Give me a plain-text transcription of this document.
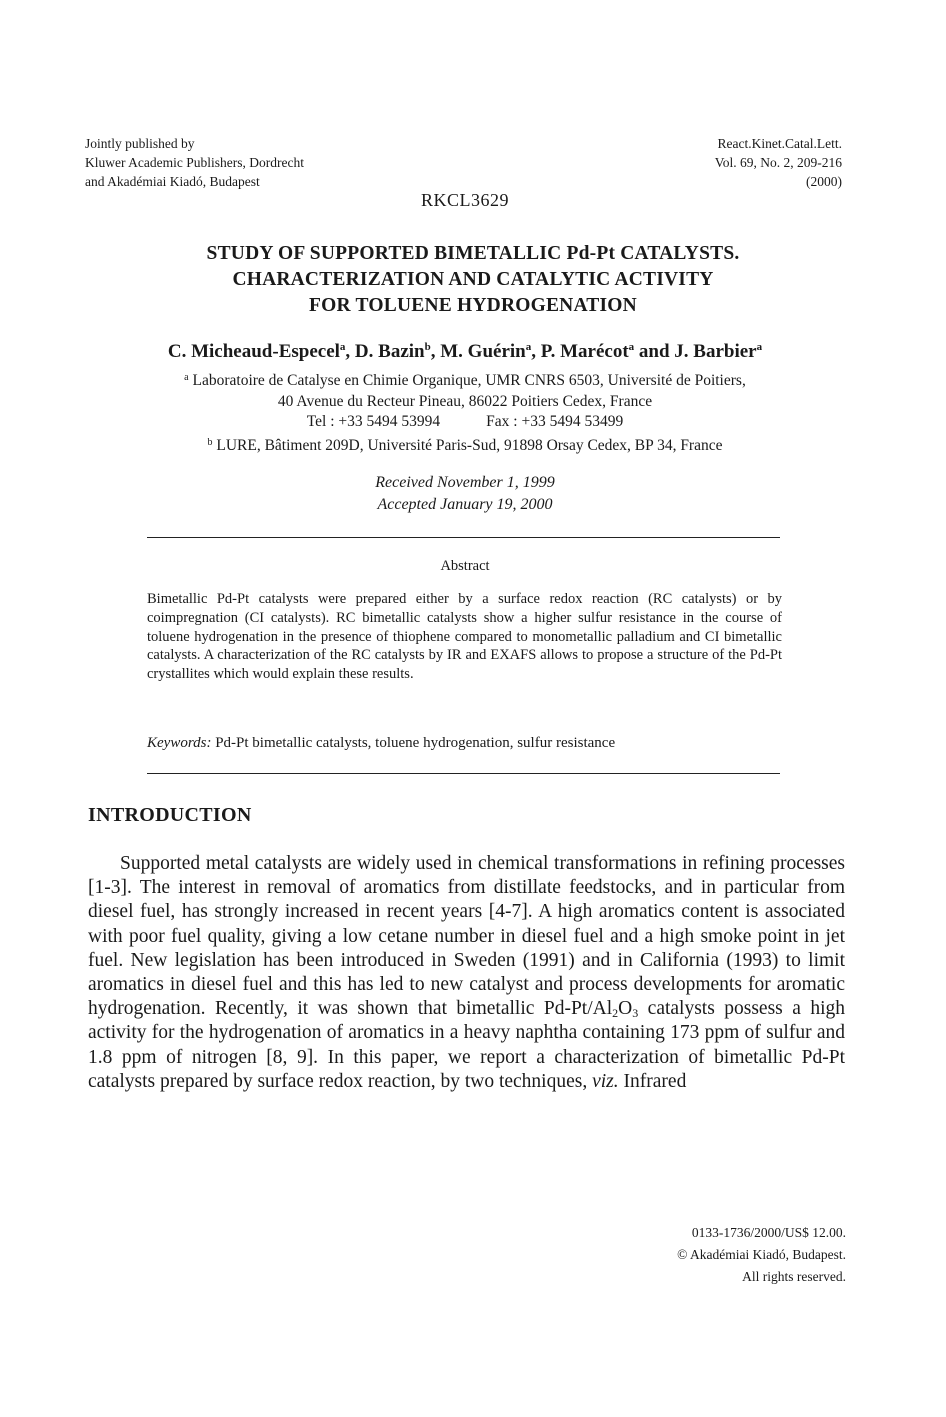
Jointly published by
Kluwer Academic Publishers, Dordrecht
and Akadémiai Kiadó, Budapest
React.Kinet.Catal.Lett.
Vol. 69, No. 2, 209-216
(2000)
RKCL3629
STUDY OF SUPPORTED BIMETALLIC Pd-Pt CATALYSTS.
CHARACTERIZATION AND CATALYTIC ACTIVITY
FOR TOLUENE HYDROGENATION
C. Micheaud-Especel$^a$, D. Bazin$^b$, M. Guérin$^a$, P. Marécot$^a$ and J. Barbier$^a$
$^a$ Laboratoire de Catalyse en Chimie Organique, UMR CNRS 6503, Université de Poitiers,
40 Avenue du Recteur Pineau, 86022 Poitiers Cedex, France
Tel : +33 5494 53994	Fax : +33 5494 53499
$^b$ LURE, Bâtiment 209D, Université Paris-Sud, 91898 Orsay Cedex, BP 34, France
Received November 1, 1999
Accepted January 19, 2000
Abstract
Bimetallic Pd-Pt catalysts were prepared either by a surface redox reaction (RC catalysts) or by coimpregnation (CI catalysts). RC bimetallic catalysts show a higher sulfur resistance in the course of toluene hydrogenation in the presence of thiophene compared to monometallic palladium and CI bimetallic catalysts. A characterization of the RC catalysts by IR and EXAFS allows to propose a structure of the Pd-Pt crystallites which would explain these results.
Keywords: Pd-Pt bimetallic catalysts, toluene hydrogenation, sulfur resistance
INTRODUCTION

Supported metal catalysts are widely used in chemical transformations in refining processes [1-3]. The interest in removal of aromatics from distillate feedstocks, and in particular from diesel fuel, has strongly increased in recent years [4-7]. A high aromatics content is associated with poor fuel quality, giving a low cetane number in diesel fuel and a high smoke point in jet fuel. New legislation has been introduced in Sweden (1991) and in California (1993) to limit aromatics in diesel fuel and this has led to new catalyst and process developments for aromatic hydrogenation. Recently, it was shown that bimetallic $Pd-Pt/Al_2O_3$ catalysts possess a high activity for the hydrogenation of aromatics in a heavy naphtha containing 173 ppm of sulfur and 1.8 ppm of nitrogen [8, 9]. In this paper, we report a characterization of bimetallic Pd-Pt catalysts prepared by surface redox reaction, by two techniques, viz. Infrared

0133-1736/2000/US$ 12.00.
© Akadémiai Kiadó, Budapest.
All rights reserved.
